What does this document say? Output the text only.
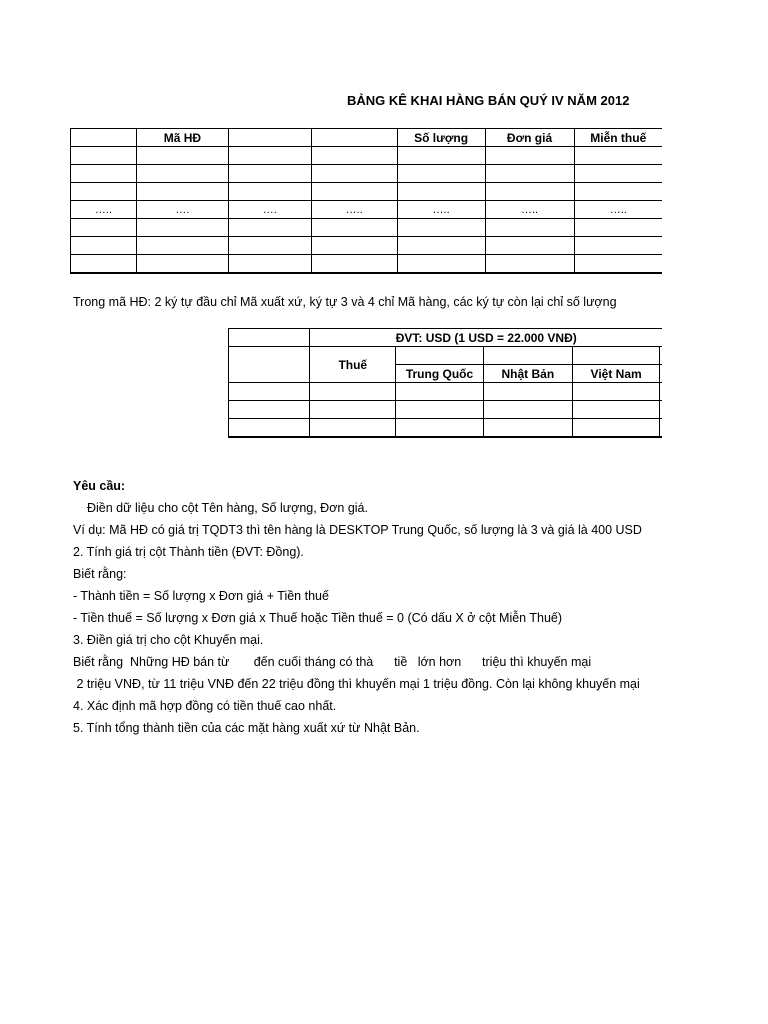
BẢNG KÊ KHAI HÀNG BÁN QUÝ IV NĂM 2012
	Mã HĐ			Số lượng	Đơn giá	Miễn thuế

…..	….	….	…..	…..	…..	…..

Trong mã HĐ: 2 ký tự đầu chỉ Mã xuất xứ, ký tự 3 và 4 chỉ Mã hàng, các ký tự còn lại chỉ số lượng
	ĐVT: USD (1 USD = 22.000 VNĐ)				
	Thuế				
		Trung Quốc	Nhật Bản	Việt Nam	

Yêu cầu:
Điền dữ liệu cho cột Tên hàng, Số lượng, Đơn giá.
Ví dụ: Mã HĐ có giá trị TQDT3 thì tên hàng là DESKTOP Trung Quốc, số lượng là 3 và giá là 400 USD
2. Tính giá trị cột Thành tiền (ĐVT: Đồng).
Biết rằng:
- Thành tiền = Số lượng x Đơn giá + Tiền thuế
- Tiền thuế = Số lượng x Đơn giá x Thuế hoặc Tiền thuế = 0 (Có dấu X ở cột Miễn Thuế)
3. Điền giá trị cho cột Khuyến mại.
Biết rằng  Những HĐ bán từ       đến cuối tháng có thà      tiề   lớn hơn      triệu thì khuyến mại
2 triệu VNĐ, từ 11 triệu VNĐ đến 22 triệu đồng thì khuyến mại 1 triệu đồng. Còn lại không khuyến mại
4. Xác định mã hợp đồng có tiền thuế cao nhất.
5. Tính tổng thành tiền của các mặt hàng xuất xứ từ Nhật Bản.
